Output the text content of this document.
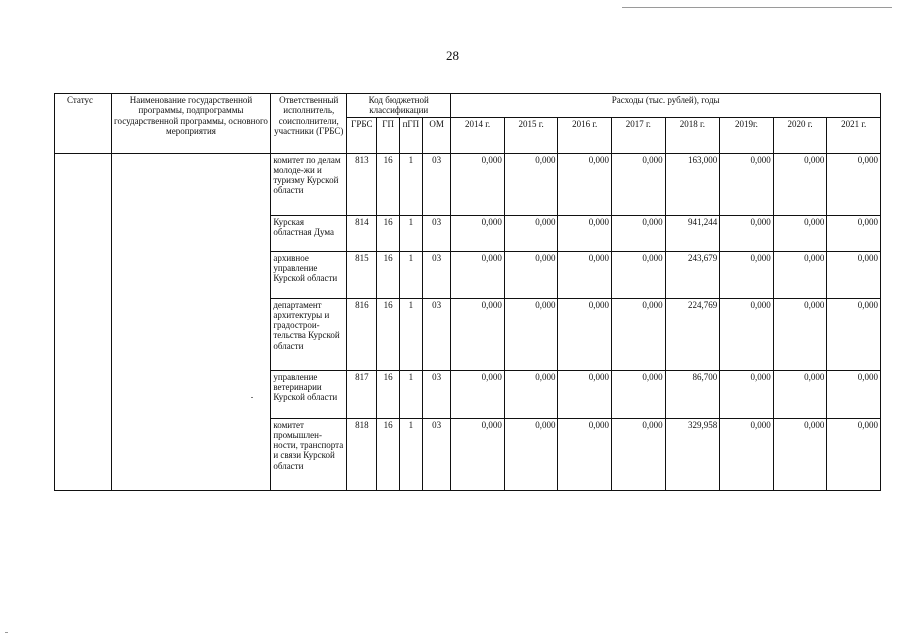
28
Статус	Наименование государственной программы, подпрограммы государственной программы, основного мероприятия	Ответственный исполнитель, соисполнители, участники (ГРБС)	Код бюджетной классификации				Расходы (тыс. рублей), годы							
			ГРБС	ГП	пГП	ОМ	2014 г.	2015 г.	2016 г.	2017 г.	2018 г.	2019г.	2020 г.	2021 г.
		комитет по делам молоде-жи и туризму Курской области	813	16	1	03	0,000	0,000	0,000	0,000	163,000	0,000	0,000	0,000
		Курская областная Дума	814	16	1	03	0,000	0,000	0,000	0,000	941,244	0,000	0,000	0,000
		архивное управление Курской области	815	16	1	03	0,000	0,000	0,000	0,000	243,679	0,000	0,000	0,000
		департамент архитектуры и градострои-тельства Курской области	816	16	1	03	0,000	0,000	0,000	0,000	224,769	0,000	0,000	0,000
		управление ветеринарии Курской области	817	16	1	03	0,000	0,000	0,000	0,000	86,700	0,000	0,000	0,000
		комитет промышлен-ности, транспорта и связи Курской области	818	16	1	03	0,000	0,000	0,000	0,000	329,958	0,000	0,000	0,000
